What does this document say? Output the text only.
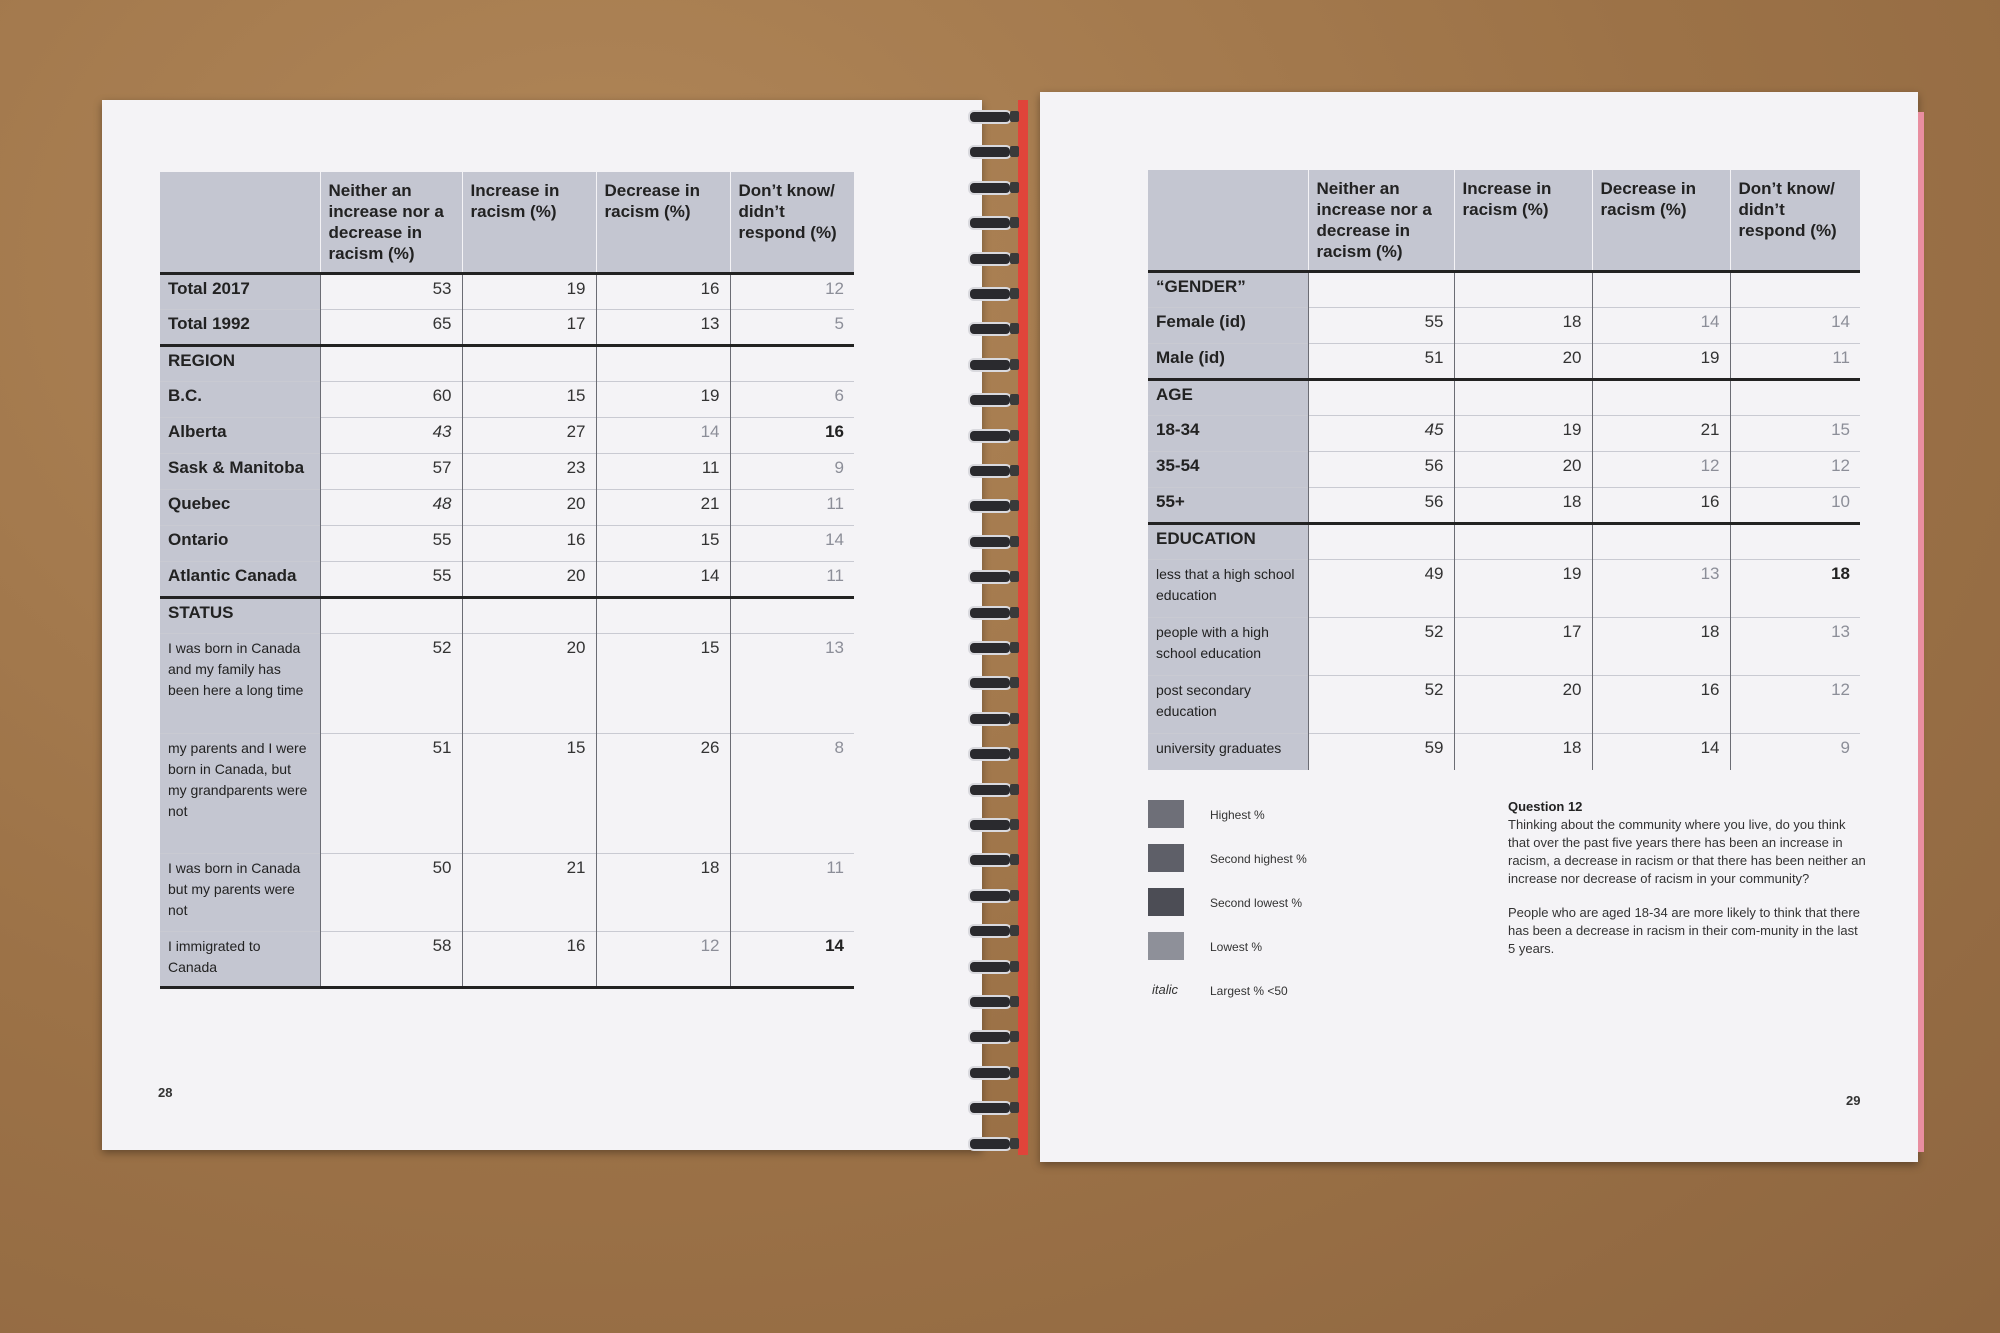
28
29
	Neither an increase nor a decrease in racism (%)	Increase in racism (%)	Decrease in racism (%)	Don’t know/ didn’t respond (%)
Total 2017	53	19	16	12
Total 1992	65	17	13	5
REGION				
B.C.	60	15	19	6
Alberta	43	27	14	16
Sask & Manitoba	57	23	11	9
Quebec	48	20	21	11
Ontario	55	16	15	14
Atlantic Canada	55	20	14	11
STATUS				
I was born in Canada and my family has been here a long time	52	20	15	13
my parents and I were born in Canada, but my grandparents were not	51	15	26	8
I was born in Canada but my parents were not	50	21	18	11
I immigrated to Canada	58	16	12	14
	Neither an increase nor a decrease in racism (%)	Increase in racism (%)	Decrease in racism (%)	Don’t know/ didn’t respond (%)
“GENDER”				
Female (id)	55	18	14	14
Male (id)	51	20	19	11
AGE				
18-34	45	19	21	15
35-54	56	20	12	12
55+	56	18	16	10
EDUCATION				
less that a high school education	49	19	13	18
people with a high school education	52	17	18	13
post secondary education	52	20	16	12
university graduates	59	18	14	9
Highest %
Second highest %
Second lowest %
Lowest %
italic	Largest % <50
Question 12

Thinking about the community where you live, do you think that over the past five years there has been an increase in racism, a decrease in racism or that there has been neither an increase nor decrease of racism in your community?

People who are aged 18-34 are more likely to think that there has been a decrease in racism in their com-munity in the last 5 years.
